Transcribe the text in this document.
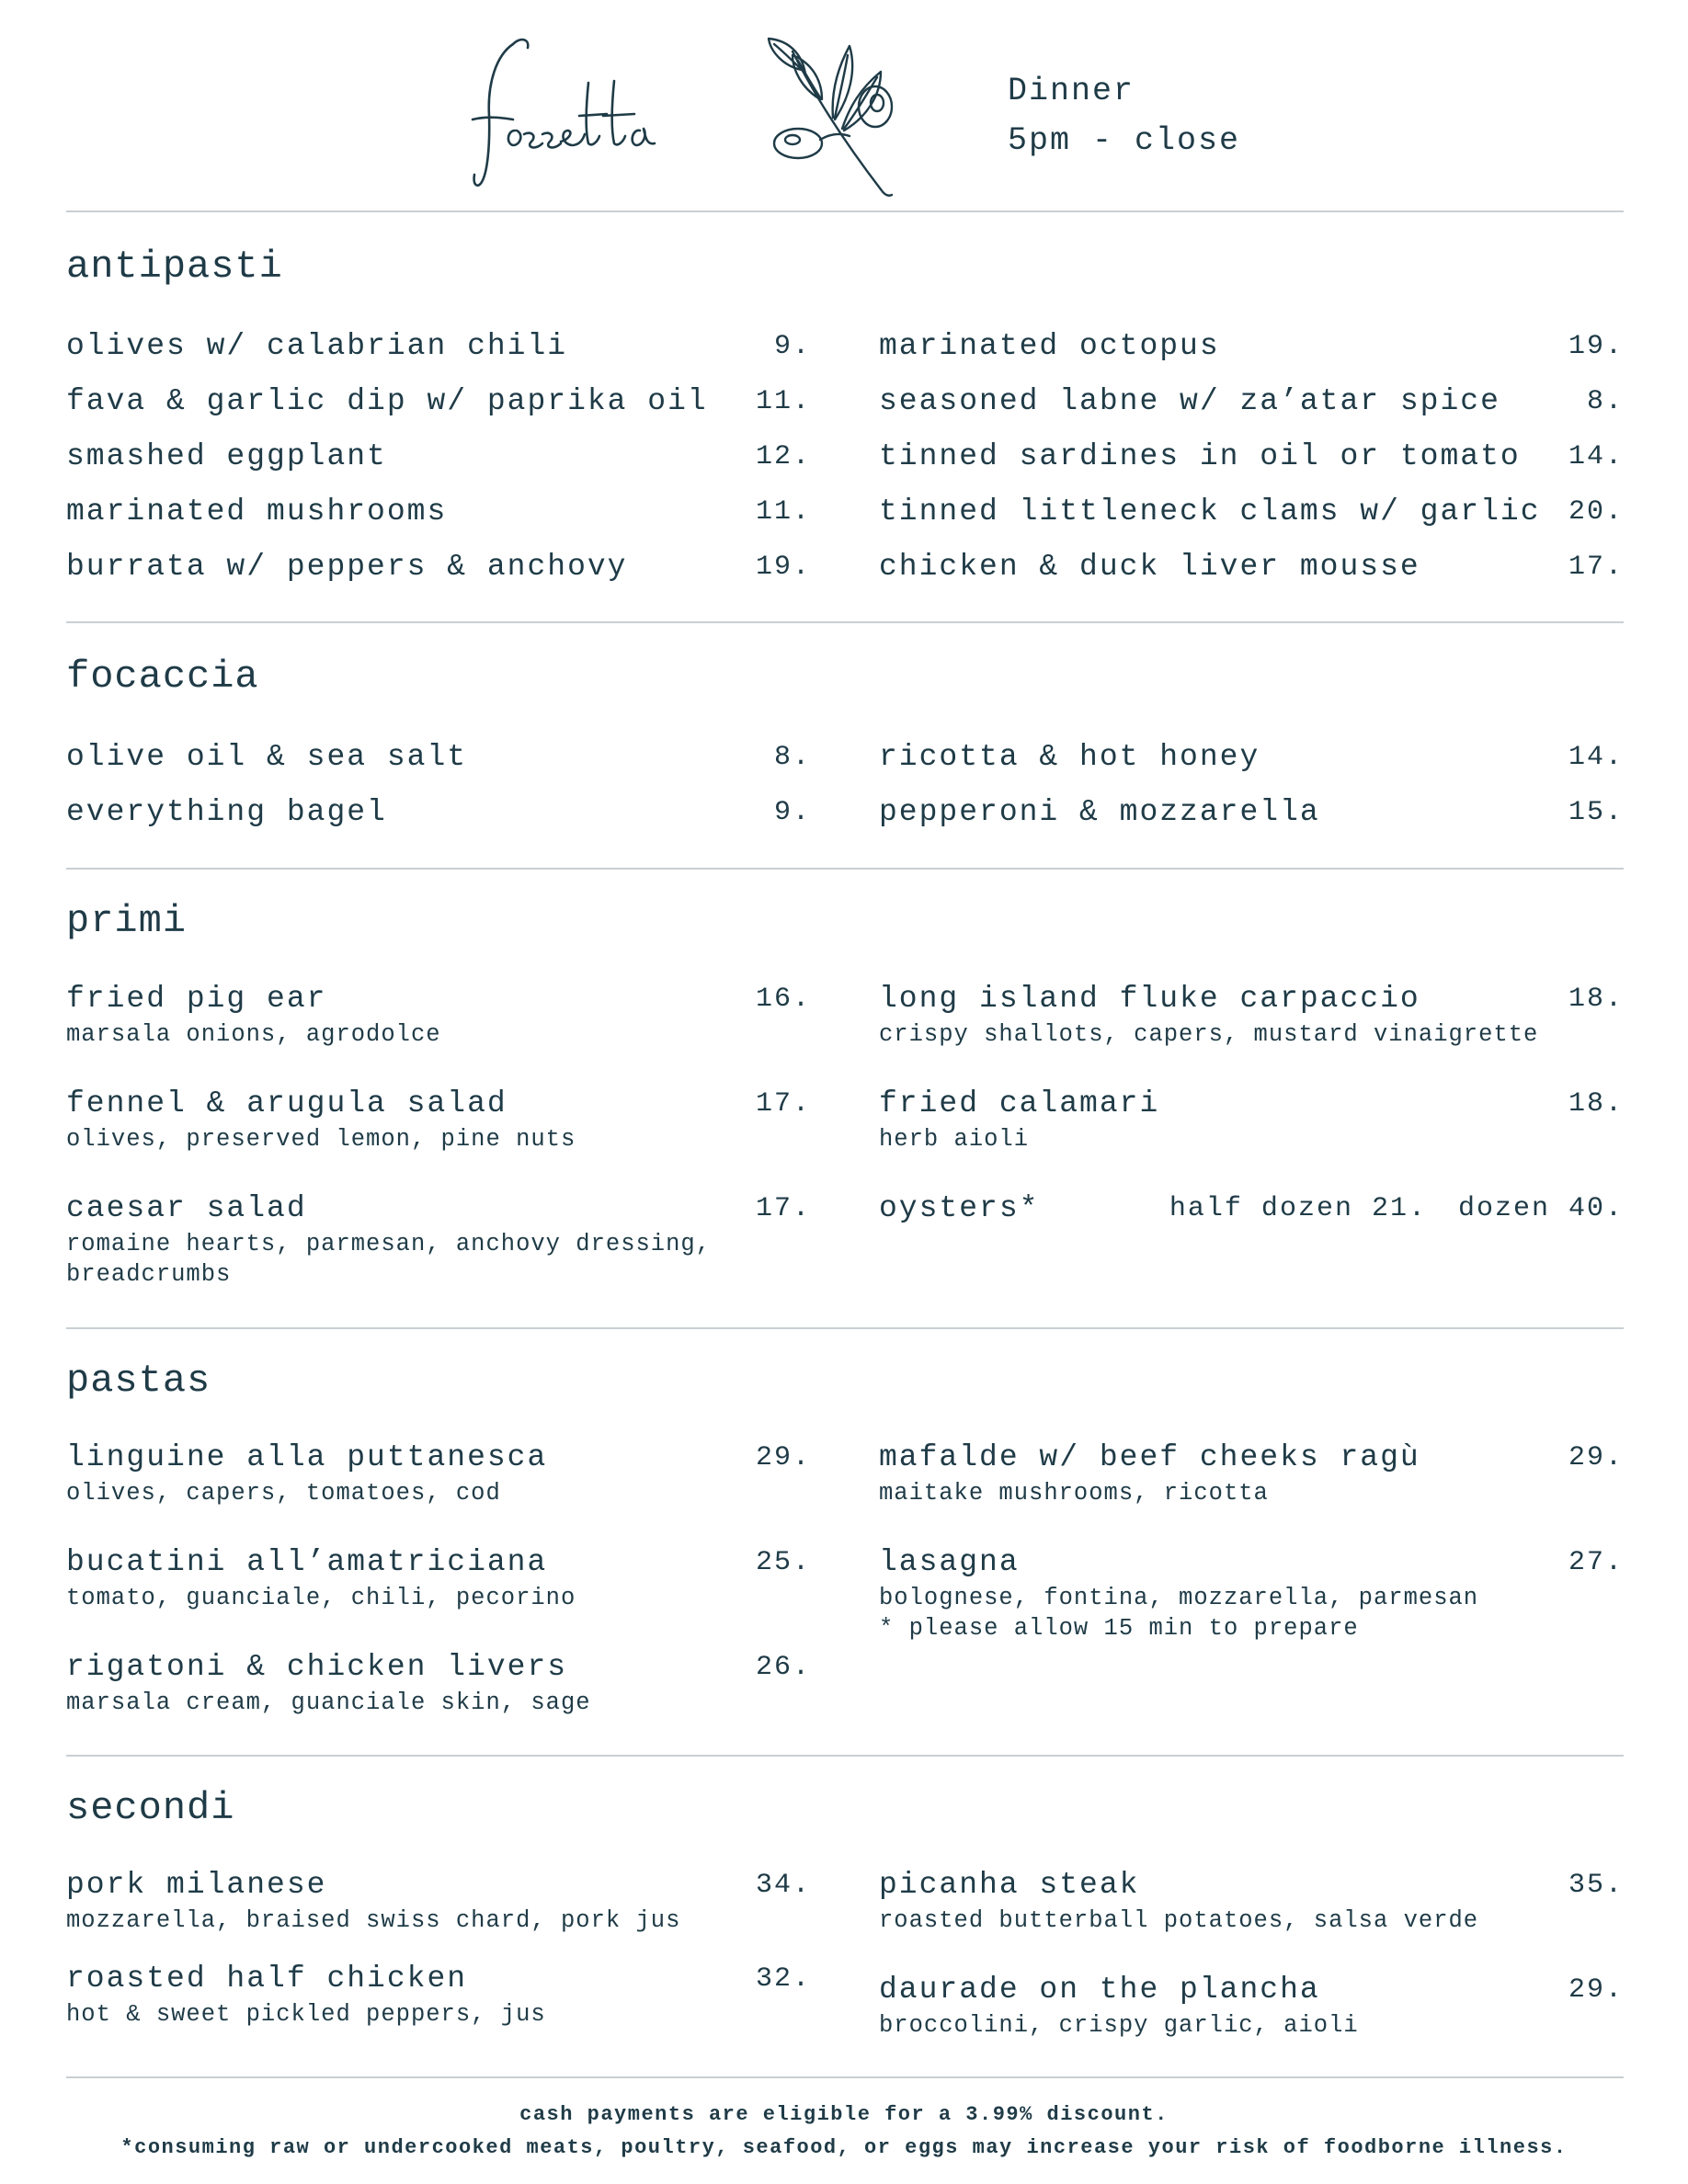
Dinner
5pm - close
antipasti
olives w/ calabrian chili	9.
fava & garlic dip w/ paprika oil 11.
smashed eggplant	12.
marinated mushrooms	11.
burrata w/ peppers & anchovy	19.
marinated octopus	19.
seasoned labne w/ za’atar spice	8.
tinned sardines in oil or tomato 14.
tinned littleneck clams w/ garlic 20.
chicken & duck liver mousse	17.
focaccia
olive oil & sea salt	8.
everything bagel	9.
ricotta & hot honey	14.
pepperoni & mozzarella	15.
primi
fried pig ear	16.
marsala onions, agrodolce
fennel & arugula salad	17.
olives, preserved lemon, pine nuts
caesar salad	17.
romaine hearts, parmesan, anchovy dressing,
breadcrumbs
long island fluke carpaccio	18.
crispy shallots, capers, mustard vinaigrette
fried calamari	18.
herb aioli
oysters*	half dozen 21. dozen 40.
pastas
linguine alla puttanesca	29.
olives, capers, tomatoes, cod
bucatini all’amatriciana	25.
tomato, guanciale, chili, pecorino
rigatoni & chicken livers	26.
marsala cream, guanciale skin, sage
mafalde w/ beef cheeks ragù	29.
maitake mushrooms, ricotta
lasagna	27.
bolognese, fontina, mozzarella, parmesan
* please allow 15 min to prepare
secondi
pork milanese	34.
mozzarella, braised swiss chard, pork jus
roasted half chicken	32.
hot & sweet pickled peppers, jus
picanha steak	35.
roasted butterball potatoes, salsa verde
daurade on the plancha	29.
broccolini, crispy garlic, aioli
cash payments are eligible for a 3.99% discount.
*consuming raw or undercooked meats, poultry, seafood, or eggs may increase your risk of foodborne illness.
